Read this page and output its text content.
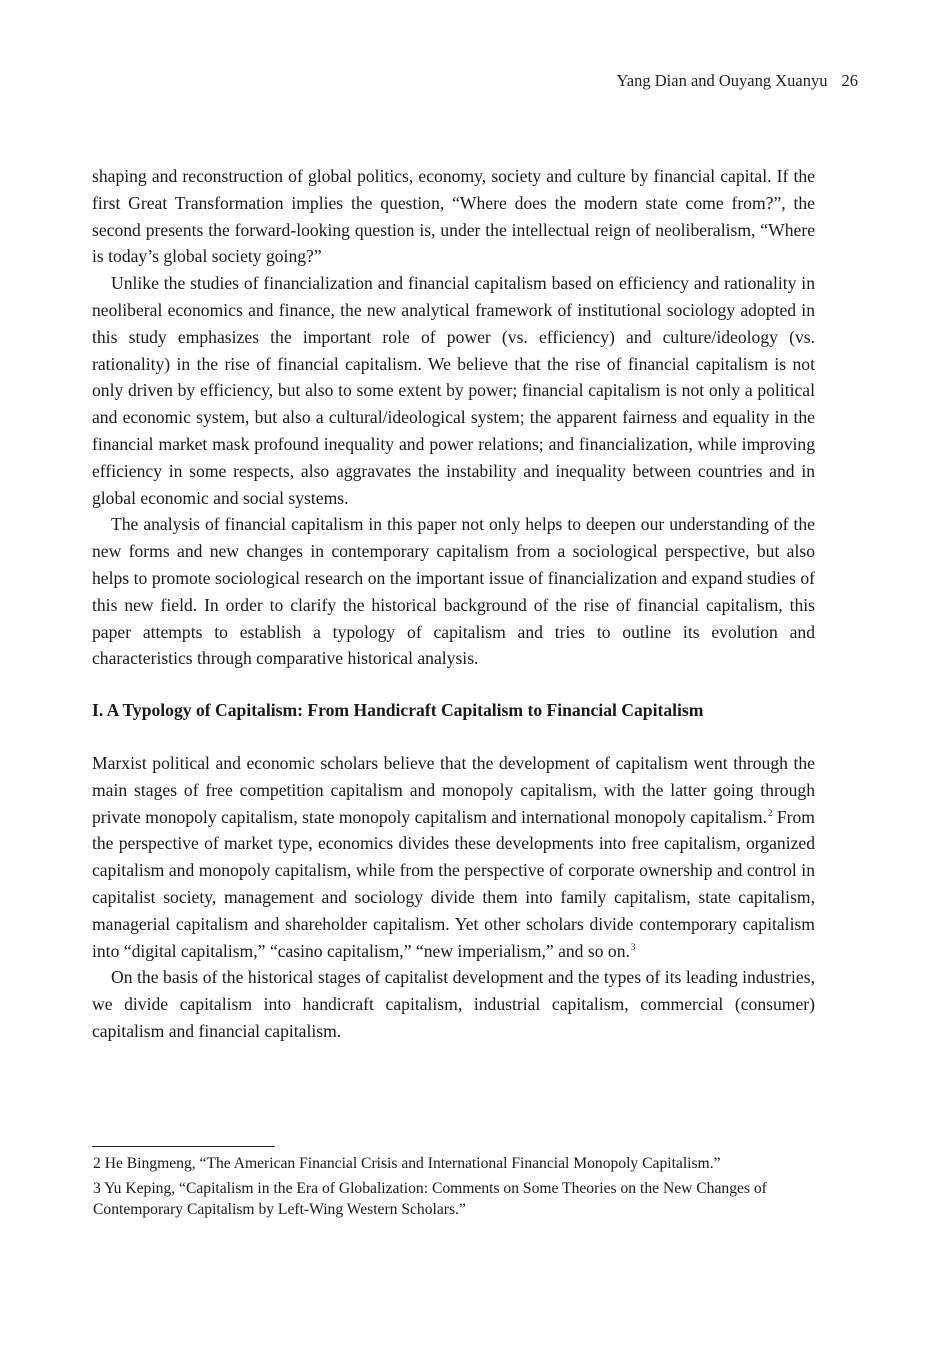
Yang Dian and Ouyang Xuanyu 26

shaping and reconstruction of global politics, economy, society and culture by financial capital. If the first Great Transformation implies the question, “Where does the modern state come from?”, the second presents the forward-looking question is, under the intellectual reign of neoliberalism, “Where is today’s global society going?”

Unlike the studies of financialization and financial capitalism based on efficiency and rationality in neoliberal economics and finance, the new analytical framework of institutional sociology adopted in this study emphasizes the important role of power (vs. efficiency) and culture/ideology (vs. rationality) in the rise of financial capitalism. We believe that the rise of financial capitalism is not only driven by efficiency, but also to some extent by power; financial capitalism is not only a political and economic system, but also a cultural/ideological system; the apparent fairness and equality in the financial market mask profound inequality and power relations; and financialization, while improving efficiency in some respects, also aggravates the instability and inequality between countries and in global economic and social systems.

The analysis of financial capitalism in this paper not only helps to deepen our understanding of the new forms and new changes in contemporary capitalism from a sociological perspective, but also helps to promote sociological research on the important issue of financialization and expand studies of this new field. In order to clarify the historical background of the rise of financial capitalism, this paper attempts to establish a typology of capitalism and tries to outline its evolution and characteristics through comparative historical analysis.

I. A Typology of Capitalism: From Handicraft Capitalism to Financial Capitalism

Marxist political and economic scholars believe that the development of capitalism went through the main stages of free competition capitalism and monopoly capitalism, with the latter going through private monopoly capitalism, state monopoly capitalism and international monopoly capitalism.$^2$ From the perspective of market type, economics divides these developments into free capitalism, organized capitalism and monopoly capitalism, while from the perspective of corporate ownership and control in capitalist society, management and sociology divide them into family capitalism, state capitalism, managerial capitalism and shareholder capitalism. Yet other scholars divide contemporary capitalism into “digital capitalism,” “casino capitalism,” “new imperialism,” and so on.$^3$

On the basis of the historical stages of capitalist development and the types of its leading industries, we divide capitalism into handicraft capitalism, industrial capitalism, commercial (consumer) capitalism and financial capitalism.

2 He Bingmeng, “The American Financial Crisis and International Financial Monopoly Capitalism.”

3 Yu Keping, “Capitalism in the Era of Globalization: Comments on Some Theories on the New Changes of Contemporary Capitalism by Left-Wing Western Scholars.”
